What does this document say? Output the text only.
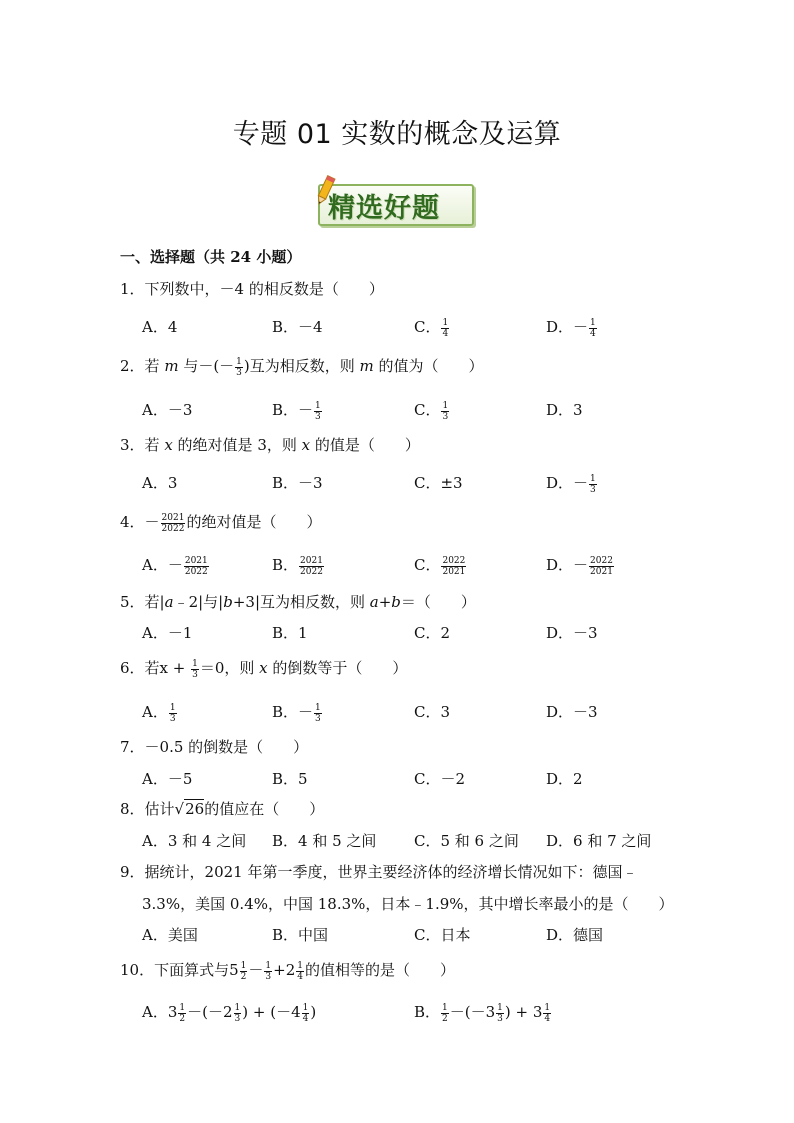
专题 01 实数的概念及运算
精选好题
一、选择题（共 24 小题）
1．下列数中，－4 的相反数是（　　）
A．4	B．－4	C． $\frac{1}{4}$	D．－ $\frac{1}{4}$
2．若 m 与－(－ $\frac{1}{3}$ )互为相反数，则 m 的值为（　　）
A．－3	B．－ $\frac{1}{3}$	C． $\frac{1}{3}$	D．3
3．若 x 的绝对值是 3，则 x 的值是（　　）
A．3	B．－3	C．±3	D．－ $\frac{1}{3}$
4．－ $\frac{2021}{2022}$ 的绝对值是（　　）
A．－ $\frac{2021}{2022}$	B． $\frac{2021}{2022}$	C． $\frac{2022}{2021}$	D．－ $\frac{2022}{2021}$
5．若|a﹣2|与|b+3|互为相反数，则 a+b＝（　　）
A．－1	B．1	C．2	D．－3
6．若$x + \frac{1}{3} =0$，则 x 的倒数等于（　　）
A． $\frac{1}{3}$	B．－ $\frac{1}{3}$	C．3	D．－3
7．－0.5 的倒数是（　　）
A．－5	B．5	C．－2	D．2
8．估计√26的值应在（　　）
A．3 和 4 之间 B．4 和 5 之间	C．5 和 6 之间 D．6 和 7 之间
9．据统计，2021 年第一季度，世界主要经济体的经济增长情况如下：德国﹣
3.3%，美国 0.4%，中国 18.3%，日本﹣1.9%，其中增长率最小的是（　　）
A．美国	B．中国	C．日本	D．德国
10．下面算式与$5 \frac{1}{2} - \frac{1}{3} +2 \frac{1}{4}$ 的值相等的是（　　）
A．$3 \frac{1}{2} -(-2 \frac{1}{3}$ ) + ($-4 \frac{1}{4}$ )	B． $\frac{1}{2} -(-3 \frac{1}{3}$ ) + $3 \frac{1}{4}$
